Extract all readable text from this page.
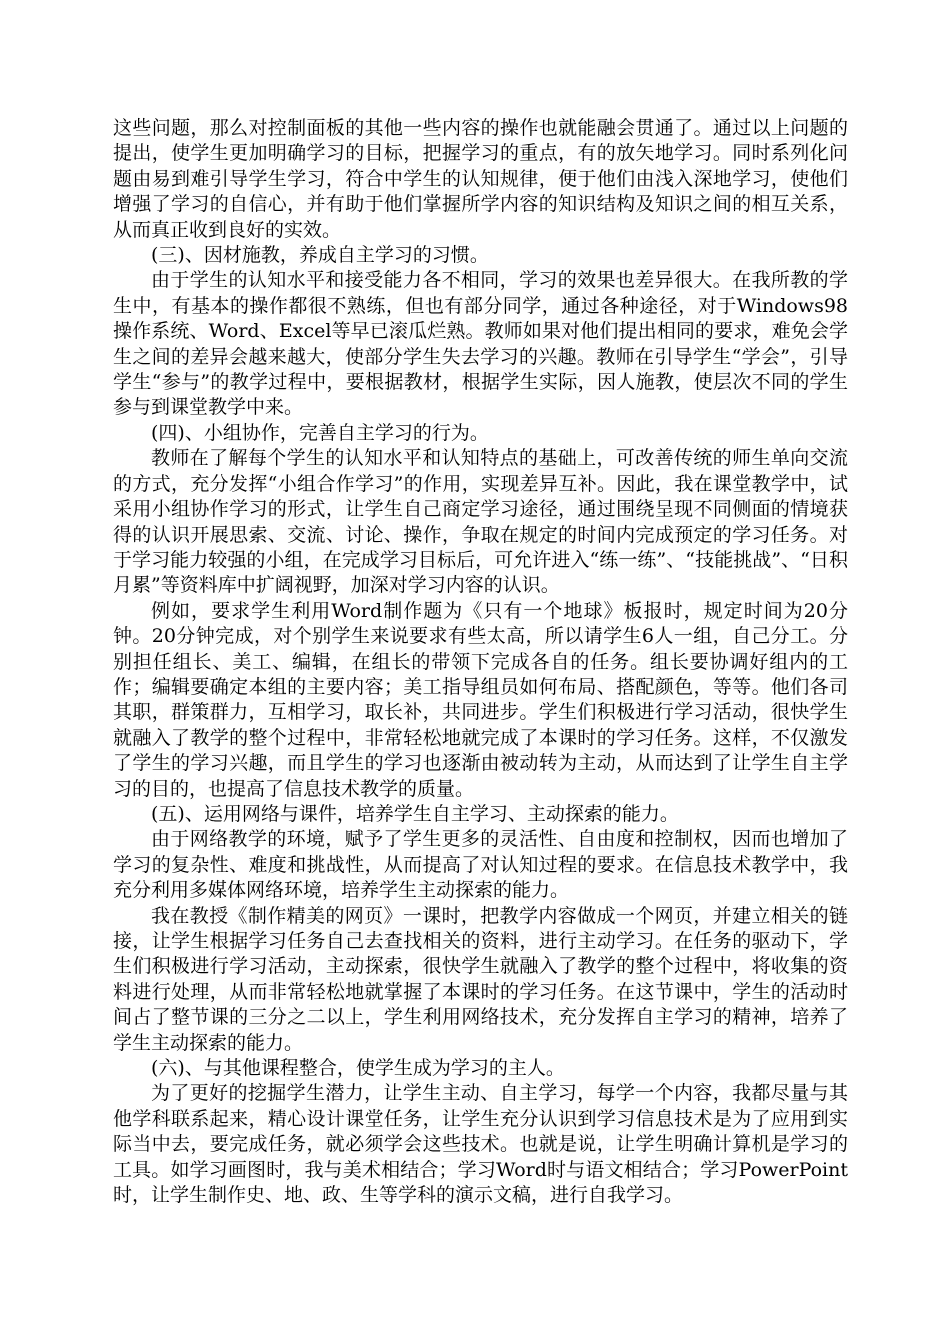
这些问题，那么对控制面板的其他一些内容的操作也就能融会贯通了。通过以上问题的提出，使学生更加明确学习的目标，把握学习的重点，有的放矢地学习。同时系列化问题由易到难引导学生学习，符合中学生的认知规律，便于他们由浅入深地学习，使他们增强了学习的自信心，并有助于他们掌握所学内容的知识结构及知识之间的相互关系，从而真正收到良好的实效。

(三)、因材施教，养成自主学习的习惯。

由于学生的认知水平和接受能力各不相同，学习的效果也差异很大。在我所教的学生中，有基本的操作都很不熟练，但也有部分同学，通过各种途径，对于Windows98操作系统、Word、Excel等早已滚瓜烂熟。教师如果对他们提出相同的要求，难免会学生之间的差异会越来越大，使部分学生失去学习的兴趣。教师在引导学生“学会”，引导学生“参与”的教学过程中，要根据教材，根据学生实际，因人施教，使层次不同的学生参与到课堂教学中来。

(四)、小组协作，完善自主学习的行为。

教师在了解每个学生的认知水平和认知特点的基础上，可改善传统的师生单向交流的方式，充分发挥“小组合作学习”的作用，实现差异互补。因此，我在课堂教学中，试采用小组协作学习的形式，让学生自己商定学习途径，通过围绕呈现不同侧面的情境获得的认识开展思索、交流、讨论、操作，争取在规定的时间内完成预定的学习任务。对于学习能力较强的小组，在完成学习目标后，可允许进入“练一练”、“技能挑战”、“日积月累”等资料库中扩阔视野，加深对学习内容的认识。

例如，要求学生利用Word制作题为《只有一个地球》板报时，规定时间为20分钟。20分钟完成，对个别学生来说要求有些太高，所以请学生6人一组，自己分工。分别担任组长、美工、编辑，在组长的带领下完成各自的任务。组长要协调好组内的工作；编辑要确定本组的主要内容；美工指导组员如何布局、搭配颜色，等等。他们各司其职，群策群力，互相学习，取长补，共同进步。学生们积极进行学习活动，很快学生就融入了教学的整个过程中，非常轻松地就完成了本课时的学习任务。这样，不仅激发了学生的学习兴趣，而且学生的学习也逐渐由被动转为主动，从而达到了让学生自主学习的目的，也提高了信息技术教学的质量。

(五)、运用网络与课件，培养学生自主学习、主动探索的能力。

由于网络教学的环境，赋予了学生更多的灵活性、自由度和控制权，因而也增加了学习的复杂性、难度和挑战性，从而提高了对认知过程的要求。在信息技术教学中，我充分利用多媒体网络环境，培养学生主动探索的能力。

我在教授《制作精美的网页》一课时，把教学内容做成一个网页，并建立相关的链接，让学生根据学习任务自己去查找相关的资料，进行主动学习。在任务的驱动下，学生们积极进行学习活动，主动探索，很快学生就融入了教学的整个过程中，将收集的资料进行处理，从而非常轻松地就掌握了本课时的学习任务。在这节课中，学生的活动时间占了整节课的三分之二以上，学生利用网络技术，充分发挥自主学习的精神，培养了学生主动探索的能力。

(六)、与其他课程整合，使学生成为学习的主人。

为了更好的挖掘学生潜力，让学生主动、自主学习，每学一个内容，我都尽量与其他学科联系起来，精心设计课堂任务，让学生充分认识到学习信息技术是为了应用到实际当中去，要完成任务，就必须学会这些技术。也就是说，让学生明确计算机是学习的工具。如学习画图时，我与美术相结合；学习Word时与语文相结合；学习PowerPoint时，让学生制作史、地、政、生等学科的演示文稿，进行自我学习。
